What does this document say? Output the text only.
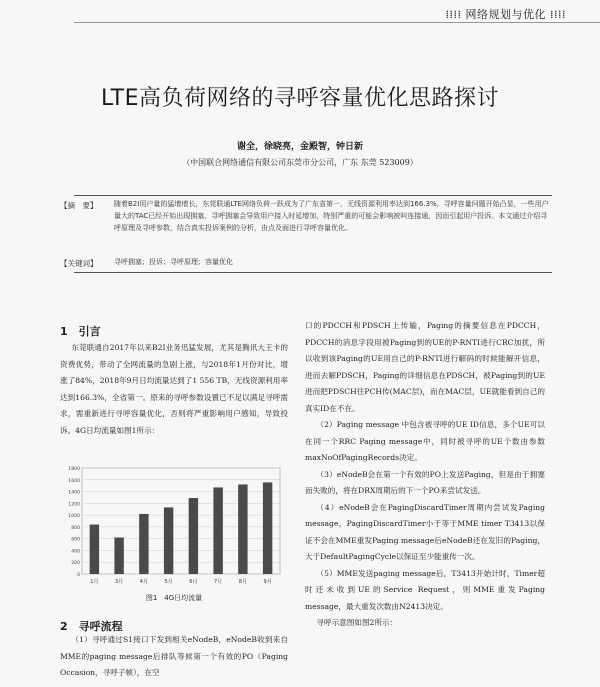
⁞⁞⁞⁞ 网络规划与优化 ⁞⁞⁞⁞
LTE高负荷网络的寻呼容量优化思路探讨
谢全，徐晓亮，金殿智，钟日新
（中国联合网络通信有限公司东莞市分公司，广东 东莞 523009）
【摘　要】 随着B2I用户量的猛增增长，东莞联通LTE网络负荷一跃成为了广东省第一，无线资源利用率达到166.3%，寻呼容量问题开始凸显，一些用户量大的TAC已经开始出现拥塞，寻呼拥塞会导致用户接入时延增加，特别严重的可能会影响被叫连接通，因而引起用户投诉。本文通过介绍寻呼原理及寻呼参数，结合真实投诉案例的分析，由点及面进行寻呼容量优化。
【关键词】 寻呼拥塞；投诉；寻呼原理；容量优化
1　引言

东莞联通自2017年以来B2I业务迅猛发展，尤其是腾讯大王卡的资费优势，带动了全网流量的急剧上涨，与2018年1月份对比，增涨了84%，2018年9月日均流量达到了1 556 TB，无线资源利用率达到166.3%，全省第一。原来的寻呼参数设置已不足以满足寻呼需求，需重新进行寻呼容量优化，否则将严重影响用户感知，导致投诉。4G日均流量如图1所示：

1800
1600
1400
1200
1000
800
600
400
200
0
1月	3月	4月	5月	6月	7月	8月	9月
图1　4G日均流量
2　寻呼流程

（1）寻呼通过S1接口下发到相关eNodeB，eNodeB收到来自MME的paging message后排队等候第一个有效的PO（Paging Occasion，寻呼子帧），在空

口的PDCCH和PDSCH上传输，Paging的摘要信息在PDCCH，PDCCH的消息字段用被Paging到的UE的P-RNTI进行CRC加扰，所以收到该Paging的UE用自己的P-RNTI进行解码的时候能解开信息，进而去解PDSCH，Paging的详细信息在PDSCH，被Paging到的UE进而把PDSCH往PCH传(MAC层)，而在MAC层，UE就能看到自己的真实ID在不在。

（2）Paging message 中包含被寻呼的UE ID信息，多个UE可以在同一个RRC Paging message中，同时被寻呼的UE个数由参数maxNoOfPagingRecords决定。

（3）eNodeB会在第一个有效的PO上发送Paging，但是由于拥塞而失败的，将在DRX周期后的下一个PO来尝试发送。

（4）eNodeB会在PagingDiscardTimer周期内尝试发Paging message，PagingDiscardTimer小于等于MME timer T3413以保证不会在MME重发Paging message后eNodeB还在发旧的Paging，大于DefaultPagingCycle以保证至少能重传一次。

（5）MME发送paging message后，T3413开始计时，Timer超时还未收到UE的Service Request，则MME重发Paging message，最大重发次数由N2413决定。

寻呼示意图如图2所示：
